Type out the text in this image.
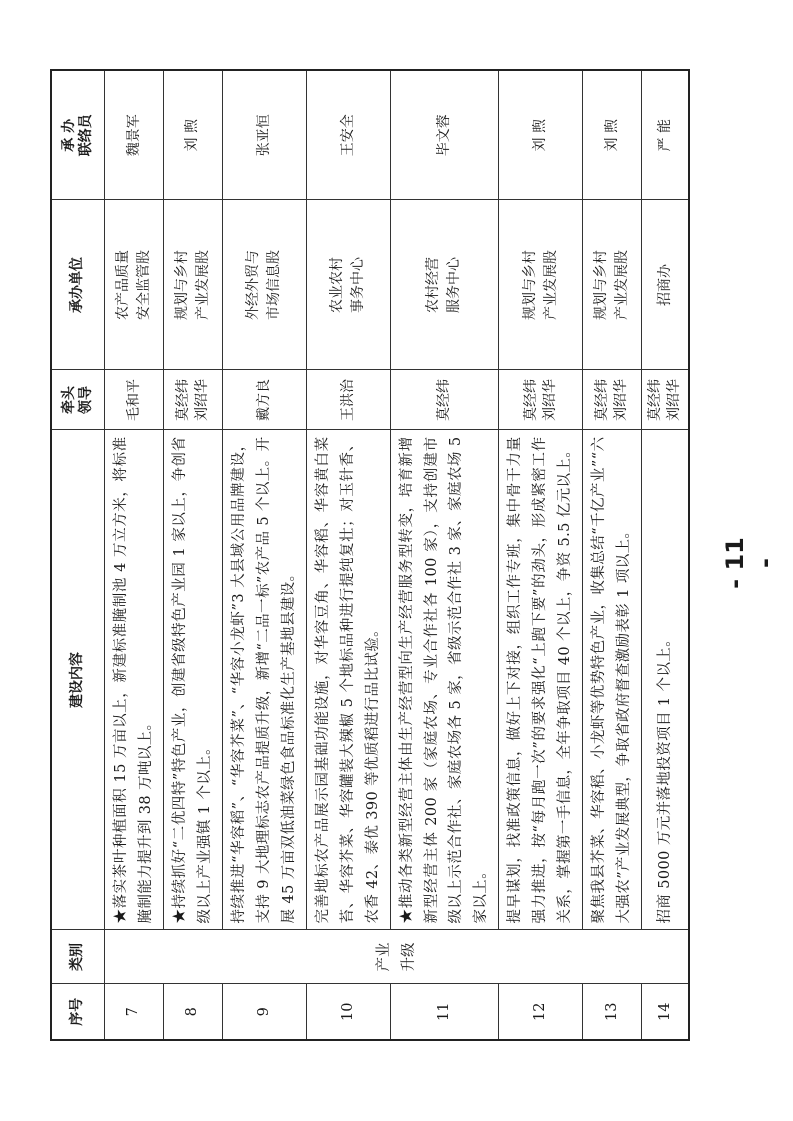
序号	类别	建设内容	牵头 领导	承办单位	承 办 联络员

7	产业 升级	★落实茶叶种植面积 15 万亩以上，新建标准腌制池 4 万立方米，将标准腌制能力提升到 38 万吨以上。	毛和平	农产品质量 安全监管股	魏景军

8		★持续抓好“二优四特”特色产业，创建省级特色产业园 1 家以上，争创省级以上产业强镇 1 个以上。	莫经纬 刘绍华	规划与乡村 产业发展股	刘 煦

9		持续推进“华容稻”、“华容芥菜”、“华容小龙虾”3 大县域公用品牌建设，支持 9 大地理标志农产品提质升级，新增“二品一标”农产品 5 个以上。开展 45 万亩双低油菜绿色食品标准化生产基地县建设。	戴方良	外经外贸与 市场信息股	张亚恒

10		完善地标农产品展示园基础功能设施，对华容豆角、华容稻、华容黄白菜苔、华容芥菜、华容罐装大辣椒 5 个地标品种进行提纯复壮；对玉针香、农香 42、泰优 390 等优质稻进行品比试验。	王洪治	农业农村 事务中心	王安全

11		★推动各类新型经营主体由生产经营型向生产经营服务型转变，培育新增新型经营主体 200 家（家庭农场、专业合作社各 100 家），支持创建市级以上示范合作社、家庭农场各 5 家，省级示范合作社 3 家、家庭农场 5 家以上。	莫经纬	农村经营 服务中心	毕文蓉

12		提早谋划，找准政策信息，做好上下对接，组织工作专班，集中骨干力量强力推进，按“每月跑一次”的要求强化“上跑下要”的劲头，形成紧密工作关系，掌握第一手信息，全年争取项目 40 个以上，争资 5.5 亿元以上。	莫经纬 刘绍华	规划与乡村 产业发展股	刘 煦

13		聚焦我县芥菜、华容稻、小龙虾等优势特色产业，收集总结“千亿产业”“六大强农”产业发展典型，争取省政府督查激励表彰 1 项以上。	莫经纬 刘绍华	规划与乡村 产业发展股	刘 煦

14		招商 5000 万元并落地投资项目 1 个以上。	莫经纬 刘绍华	招商办	严 能
- 11 -
